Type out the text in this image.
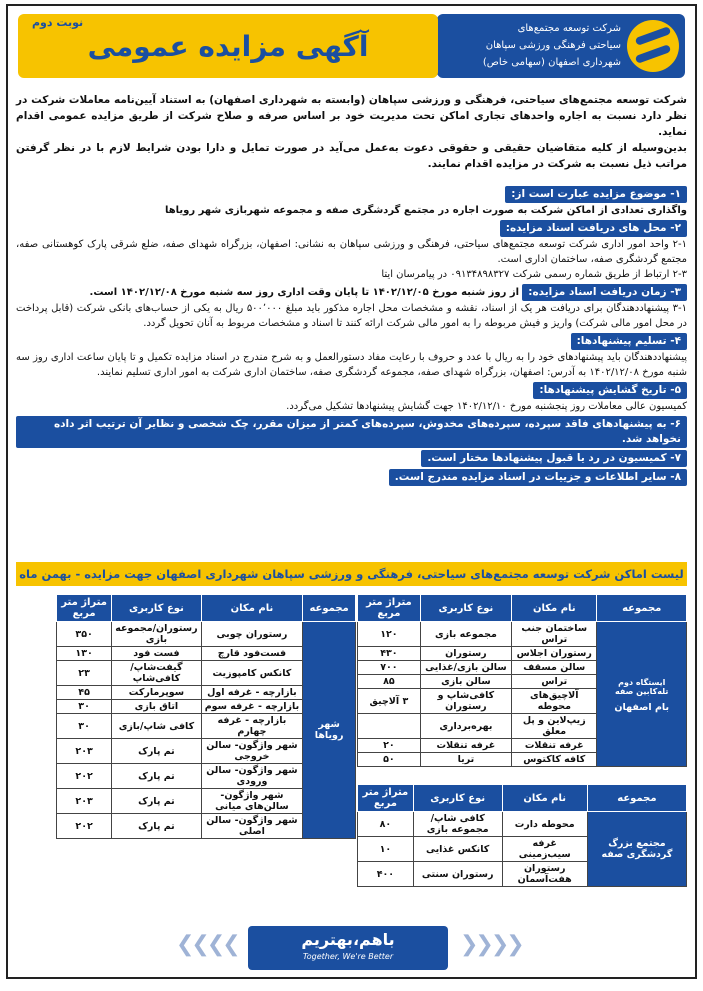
شرکت توسعه مجتمع‌های
سیاحتی فرهنگی ورزشی سپاهان
شهرداری اصفهان (سهامی خاص)
نوبت دوم
آگهی مزایده عمومی
شرکت توسعه مجتمع‌های سیاحتی، فرهنگی و ورزشی سپاهان (وابسته به شهرداری اصفهان) به استناد آیین‌نامه معاملات شرکت در نظر دارد نسبت به اجاره واحدهای تجاری اماکن تحت مدیریت خود بر اساس صرفه و صلاح شرکت از طریق مزایده عمومی اقدام نماید.
بدین‌وسیله از کلیه متقاضیان حقیقی و حقوقی دعوت به‌عمل می‌آید در صورت تمایل و دارا بودن شرایط لازم با در نظر گرفتن مراتب ذیل نسبت به شرکت در مزایده اقدام نمایند.
۱- موضوع مزایده عبارت است از:
واگذاری تعدادی از اماکن شرکت به صورت اجاره در مجتمع گردشگری صفه و مجموعه شهربازی شهر رویاها
۲- محل های دریافت اسناد مزایده:
۲-۱ واحد امور اداری شرکت توسعه مجتمع‌های سیاحتی، فرهنگی و ورزشی سپاهان به نشانی: اصفهان، بزرگراه شهدای صفه، ضلع شرقی پارک کوهستانی صفه، مجتمع گردشگری صفه، ساختمان اداری است.
۲-۳ ارتباط از طریق شماره رسمی شرکت ۰۹۱۳۴۸۹۸۳۲۷ در پیامرسان ایتا
۳- زمان دریافت اسناد مزایده: از روز شنبه مورخ ۱۴۰۲/۱۲/۰۵ تا پایان وقت اداری روز سه شنبه مورخ ۱۴۰۲/۱۲/۰۸ است.
۳-۱ پیشنهاددهندگان برای دریافت هر یک از اسناد، نقشه و مشخصات محل اجاره مذکور باید مبلغ ۵۰۰٬۰۰۰ ریال به یکی از حساب‌های بانکی شرکت (قابل پرداخت در محل امور مالی شرکت) واریز و فیش مربوطه را به امور مالی شرکت ارائه کنند تا اسناد و مشخصات مربوط به آنان تحویل گردد.
۴- تسلیم پیشنهادها:
پیشنهاددهندگان باید پیشنهادهای خود را به ریال با عدد و حروف با رعایت مفاد دستورالعمل و به شرح مندرج در اسناد مزایده تکمیل و تا پایان ساعت اداری روز سه شنبه مورخ ۱۴۰۲/۱۲/۰۸ به آدرس: اصفهان، بزرگراه شهدای صفه، مجموعه گردشگری صفه، ساختمان اداری شرکت به امور اداری تسلیم نمایند.
۵- تاریخ گشایش پیشنهادها:
کمیسیون عالی معاملات روز پنجشنبه مورخ ۱۴۰۲/۱۲/۱۰ جهت گشایش پیشنهادها تشکیل می‌گردد.
۶- به پیشنهادهای فاقد سپرده، سپرده‌های مخدوش، سپرده‌های کمتر از میزان مقرر، چک شخصی و نظایر آن ترتیب اثر داده نخواهد شد.
۷- کمیسیون در رد یا قبول پیشنهادها مختار است.
۸- سایر اطلاعات و جزییات در اسناد مزایده مندرج است.
لیست اماکن شرکت توسعه مجتمع‌های سیاحتی، فرهنگی و ورزشی سپاهان شهرداری اصفهان جهت مزایده - بهمن ماه
مجموعه	نام مکان	نوع کاربری	متراژ متر مربع

ایستگاه دوم تله‌کابین صفه
بام اصفهان	ساختمان جنب تراس	مجموعه بازی	۱۲۰
	رستوران اجلاس	رستوران	۴۳۰
	سالن مسقف	سالن بازی/غذایی	۷۰۰
	تراس	سالن بازی	۸۵
	آلاچیق‌های محوطه	کافی‌شاپ و رستوران	۳ آلاچیق
	زیپ‌لاین و پل معلق	بهره‌برداری	
	غرفه تنقلات	غرفه تنقلات	۲۰
	کافه کاکتوس	تریا	۵۰
مجموعه	نام مکان	نوع کاربری	متراژ متر مربع
مجتمع بزرگ گردشگری صفه	محوطه دارت	کافی شاپ/مجموعه بازی	۸۰
	غرفه سیب‌زمینی	کانکس غذایی	۱۰
	رستوران هفت‌آسمان	رستوران سنتی	۴۰۰
مجموعه	نام مکان	نوع کاربری	متراژ متر مربع
شهر رویاها	رستوران چوبی	رستوران/مجموعه بازی	۳۵۰
	فست‌فود قارچ	فست فود	۱۳۰
	کانکس کامپوزیت	گیفت‌شاپ/کافی‌شاپ	۲۳
	بازارچه - غرفه اول	سوپرمارکت	۴۵
	بازارچه - غرفه سوم	اتاق بازی	۳۰
	بازارچه - غرفه چهارم	کافی شاپ/بازی	۳۰
	شهر واژگون- سالن خروجی	تم پارک	۲۰۳
	شهر واژگون- سالن ورودی	تم پارک	۲۰۲
	شهر واژگون- سالن‌های میانی	تم پارک	۲۰۳
	شهر واژگون- سالن اصلی	تم پارک	۲۰۲
❮❮❮❮	❯❯❯❯
باهم،بهتریم
Together, We're Better
